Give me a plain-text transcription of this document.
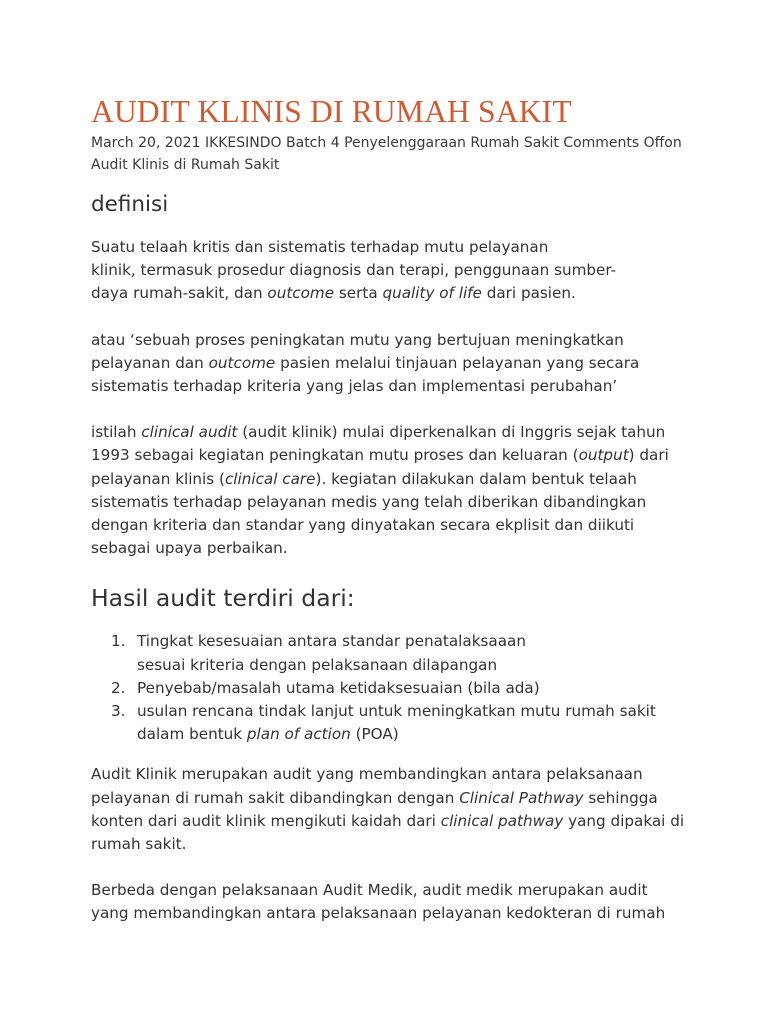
AUDIT KLINIS DI RUMAH SAKIT
March 20, 2021 IKKESINDO Batch 4 Penyelenggaraan Rumah Sakit Comments Offon
Audit Klinis di Rumah Sakit
definisi

Suatu telaah kritis dan sistematis terhadap mutu pelayanan
klinik, termasuk prosedur diagnosis dan terapi, penggunaan sumber-
daya rumah-sakit, dan outcome serta quality of life dari pasien.

atau ‘sebuah proses peningkatan mutu yang bertujuan meningkatkan
pelayanan dan outcome pasien melalui tinjauan pelayanan yang secara
sistematis terhadap kriteria yang jelas dan implementasi perubahan’

istilah clinical audit (audit klinik) mulai diperkenalkan di Inggris sejak tahun
1993 sebagai kegiatan peningkatan mutu proses dan keluaran (output) dari
pelayanan klinis (clinical care). kegiatan dilakukan dalam bentuk telaah
sistematis terhadap pelayanan medis yang telah diberikan dibandingkan
dengan kriteria dan standar yang dinyatakan secara ekplisit dan diikuti
sebagai upaya perbaikan.

Hasil audit terdiri dari:
1. Tingkat kesesuaian antara standar penatalaksaaan
sesuai kriteria dengan pelaksanaan dilapangan
2. Penyebab/masalah utama ketidaksesuaian (bila ada)
3. usulan rencana tindak lanjut untuk meningkatkan mutu rumah sakit
dalam bentuk plan of action (POA)

Audit Klinik merupakan audit yang membandingkan antara pelaksanaan
pelayanan di rumah sakit dibandingkan dengan Clinical Pathway sehingga
konten dari audit klinik mengikuti kaidah dari clinical pathway yang dipakai di
rumah sakit.

Berbeda dengan pelaksanaan Audit Medik, audit medik merupakan audit
yang membandingkan antara pelaksanaan pelayanan kedokteran di rumah
